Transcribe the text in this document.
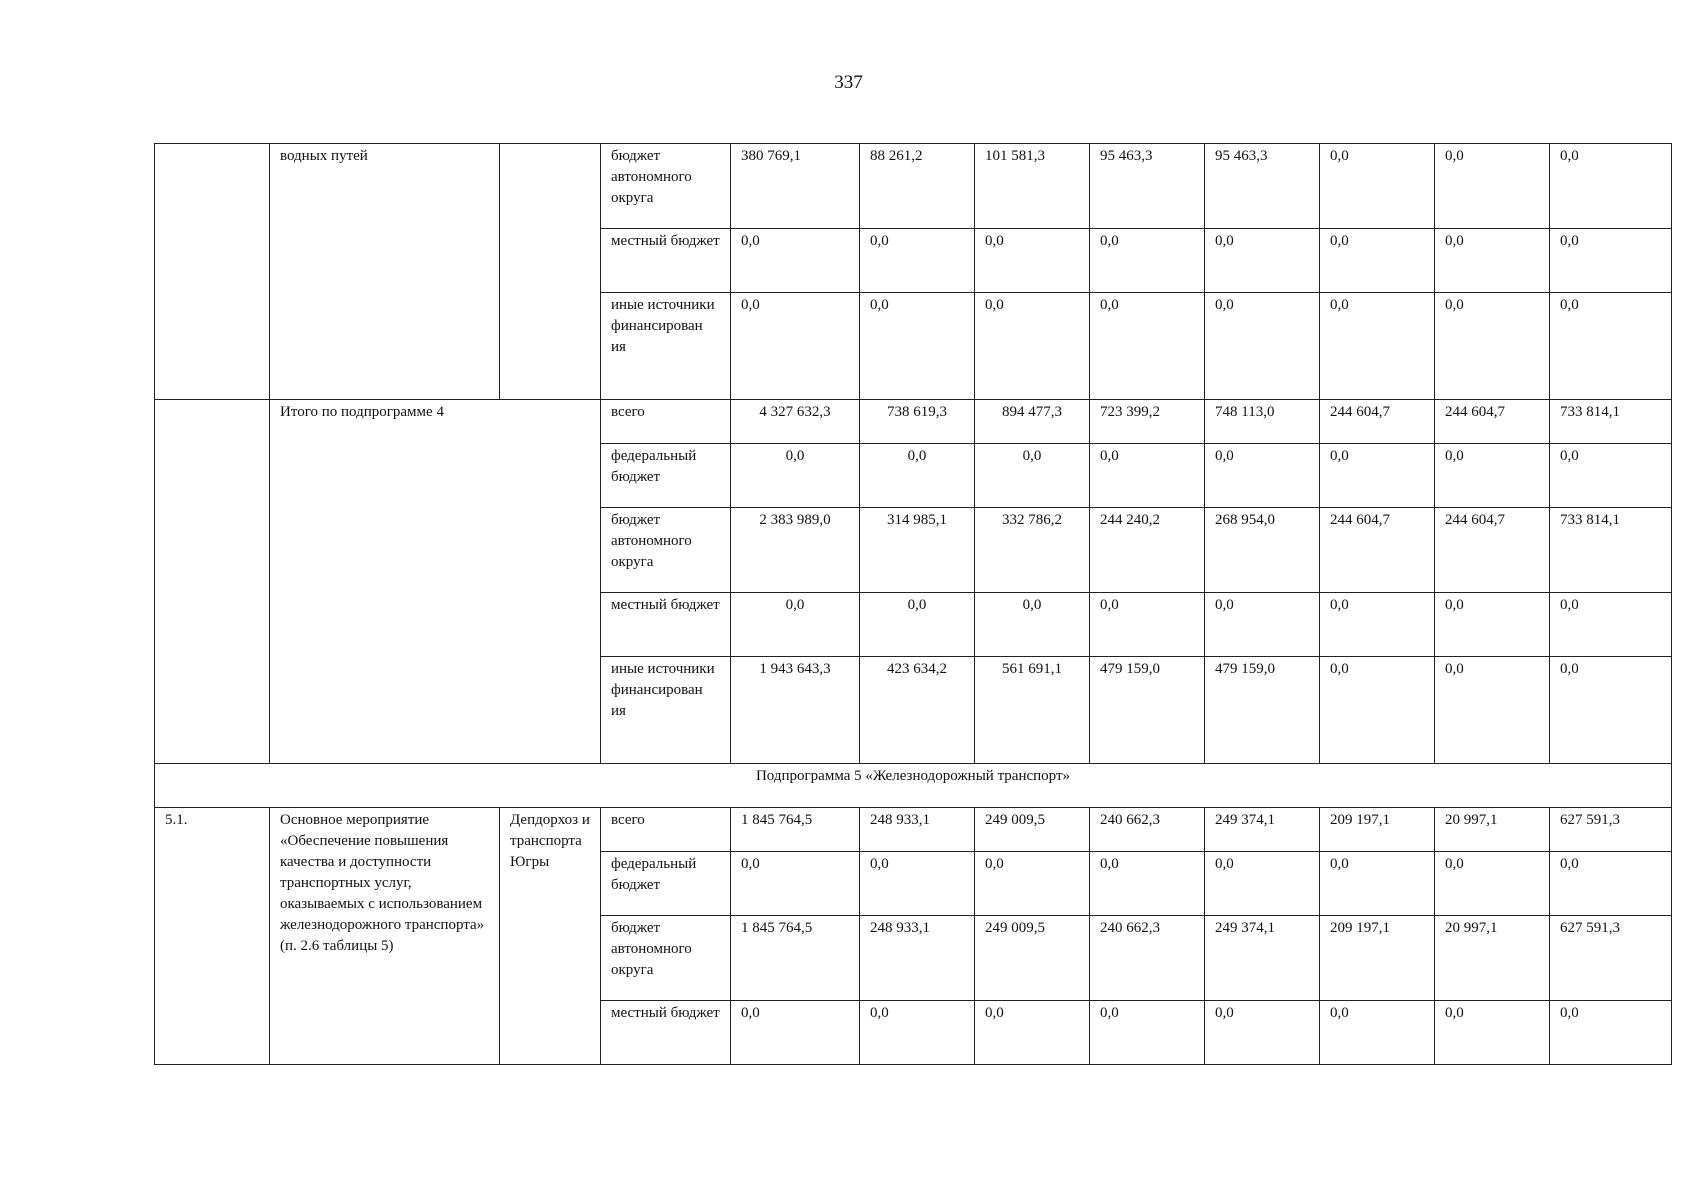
337
	водных путей		бюджет автономного округа	380 769,1	88 261,2	101 581,3	95 463,3	95 463,3	0,0	0,0	0,0
			местный бюджет	0,0	0,0	0,0	0,0	0,0	0,0	0,0	0,0
			иные источники финансирован ия	0,0	0,0	0,0	0,0	0,0	0,0	0,0	0,0
	Итого по подпрограмме 4		всего	4 327 632,3	738 619,3	894 477,3	723 399,2	748 113,0	244 604,7	244 604,7	733 814,1
			федеральный бюджет	0,0	0,0	0,0	0,0	0,0	0,0	0,0	0,0
			бюджет автономного округа	2 383 989,0	314 985,1	332 786,2	244 240,2	268 954,0	244 604,7	244 604,7	733 814,1
			местный бюджет	0,0	0,0	0,0	0,0	0,0	0,0	0,0	0,0
			иные источники финансирован ия	1 943 643,3	423 634,2	561 691,1	479 159,0	479 159,0	0,0	0,0	0,0
Подпрограмма 5 «Железнодорожный транспорт»											
5.1.	Основное мероприятие «Обеспечение повышения качества и доступности транспортных услуг, оказываемых с использованием железнодорожного транспорта» (п. 2.6 таблицы 5)	Депдорхоз и транспорта Югры	всего	1 845 764,5	248 933,1	249 009,5	240 662,3	249 374,1	209 197,1	20 997,1	627 591,3
			федеральный бюджет	0,0	0,0	0,0	0,0	0,0	0,0	0,0	0,0
			бюджет автономного округа	1 845 764,5	248 933,1	249 009,5	240 662,3	249 374,1	209 197,1	20 997,1	627 591,3
			местный бюджет	0,0	0,0	0,0	0,0	0,0	0,0	0,0	0,0
